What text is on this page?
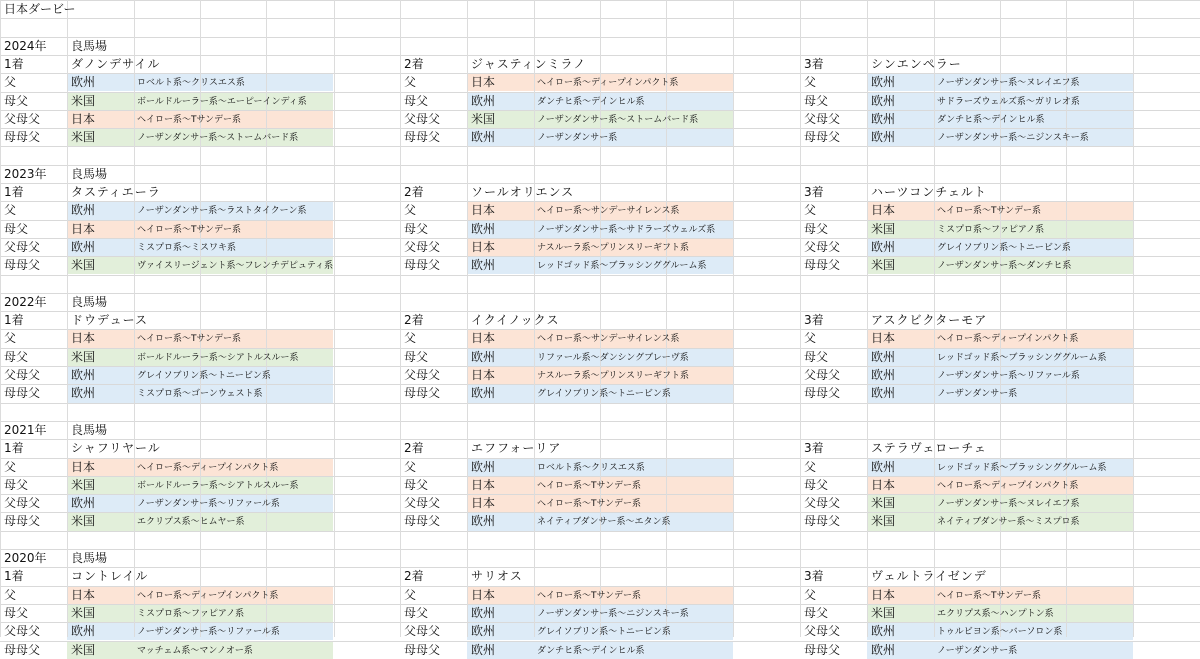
日本ダービー
2024年 良馬場
1着	ダノンデサイル
父	欧州	ロベルト系～クリスエス系
母父	米国	ボールドルーラー系～エーピーインディ系
父母父	日本	ヘイロー系～Tサンデー系
母母父	米国	ノーザンダンサー系～ストームバード系
2着	ジャスティンミラノ
父	日本	ヘイロー系～ディープインパクト系
母父	欧州	ダンチヒ系～デインヒル系
父母父	米国	ノーザンダンサー系～ストームバード系
母母父	欧州	ノーザンダンサー系
3着	シンエンペラー
父	欧州	ノーザンダンサー系～ヌレイエフ系
母父	欧州	サドラーズウェルズ系～ガリレオ系
父母父	欧州	ダンチヒ系～デインヒル系
母母父	欧州	ノーザンダンサー系～ニジンスキー系
2023年 良馬場
1着	タスティエーラ
父	欧州	ノーザンダンサー系～ラストタイクーン系
母父	日本	ヘイロー系～Tサンデー系
父母父	欧州	ミスプロ系～ミスワキ系
母母父	米国	ヴァイスリージェント系～フレンチデピュティ系
2着	ソールオリエンス
父	日本	ヘイロー系～サンデーサイレンス系
母父	欧州	ノーザンダンサー系～サドラーズウェルズ系
父母父	日本	ナスルーラ系～プリンスリーギフト系
母母父	欧州	レッドゴッド系～ブラッシンググルーム系
3着	ハーツコンチェルト
父	日本	ヘイロー系～Tサンデー系
母父	米国	ミスプロ系～ファピアノ系
父母父	欧州	グレイソブリン系～トニービン系
母母父	米国	ノーザンダンサー系～ダンチヒ系
2022年 良馬場
1着	ドウデュース
父	日本	ヘイロー系～Tサンデー系
母父	米国	ボールドルーラー系～シアトルスルー系
父母父	欧州	グレイソブリン系～トニービン系
母母父	欧州	ミスプロ系～ゴーンウェスト系
2着	イクイノックス
父	日本	ヘイロー系～サンデーサイレンス系
母父	欧州	リファール系～ダンシングブレーヴ系
父母父	日本	ナスルーラ系～プリンスリーギフト系
母母父	欧州	グレイソブリン系～トニービン系
3着	アスクビクターモア
父	日本	ヘイロー系～ディープインパクト系
母父	欧州	レッドゴッド系～ブラッシンググルーム系
父母父	欧州	ノーザンダンサー系～リファール系
母母父	欧州	ノーザンダンサー系
2021年 良馬場
1着	シャフリヤール
父	日本	ヘイロー系～ディープインパクト系
母父	米国	ボールドルーラー系～シアトルスルー系
父母父	欧州	ノーザンダンサー系～リファール系
母母父	米国	エクリプス系～ヒムヤー系
2着	エフフォーリア
父	欧州	ロベルト系～クリスエス系
母父	日本	ヘイロー系～Tサンデー系
父母父	日本	ヘイロー系～Tサンデー系
母母父	欧州	ネイティブダンサー系～エタン系
3着	ステラヴェローチェ
父	欧州	レッドゴッド系～ブラッシンググルーム系
母父	日本	ヘイロー系～ディープインパクト系
父母父	米国	ノーザンダンサー系～ヌレイエフ系
母母父	米国	ネイティブダンサー系～ミスプロ系
2020年 良馬場
1着	コントレイル
父	日本	ヘイロー系～ディープインパクト系
母父	米国	ミスプロ系～ファピアノ系
父母父	欧州	ノーザンダンサー系～リファール系
母母父	米国	マッチェム系～マンノオー系
2着	サリオス
父	日本	ヘイロー系～Tサンデー系
母父	欧州	ノーザンダンサー系～ニジンスキー系
父母父	欧州	グレイソブリン系～トニービン系
母母父	欧州	ダンチヒ系～デインヒル系
3着	ヴェルトライゼンデ
父	日本	ヘイロー系～Tサンデー系
母父	米国	エクリプス系～ハンプトン系
父母父	欧州	トゥルビヨン系～バーソロン系
母母父	欧州	ノーザンダンサー系
